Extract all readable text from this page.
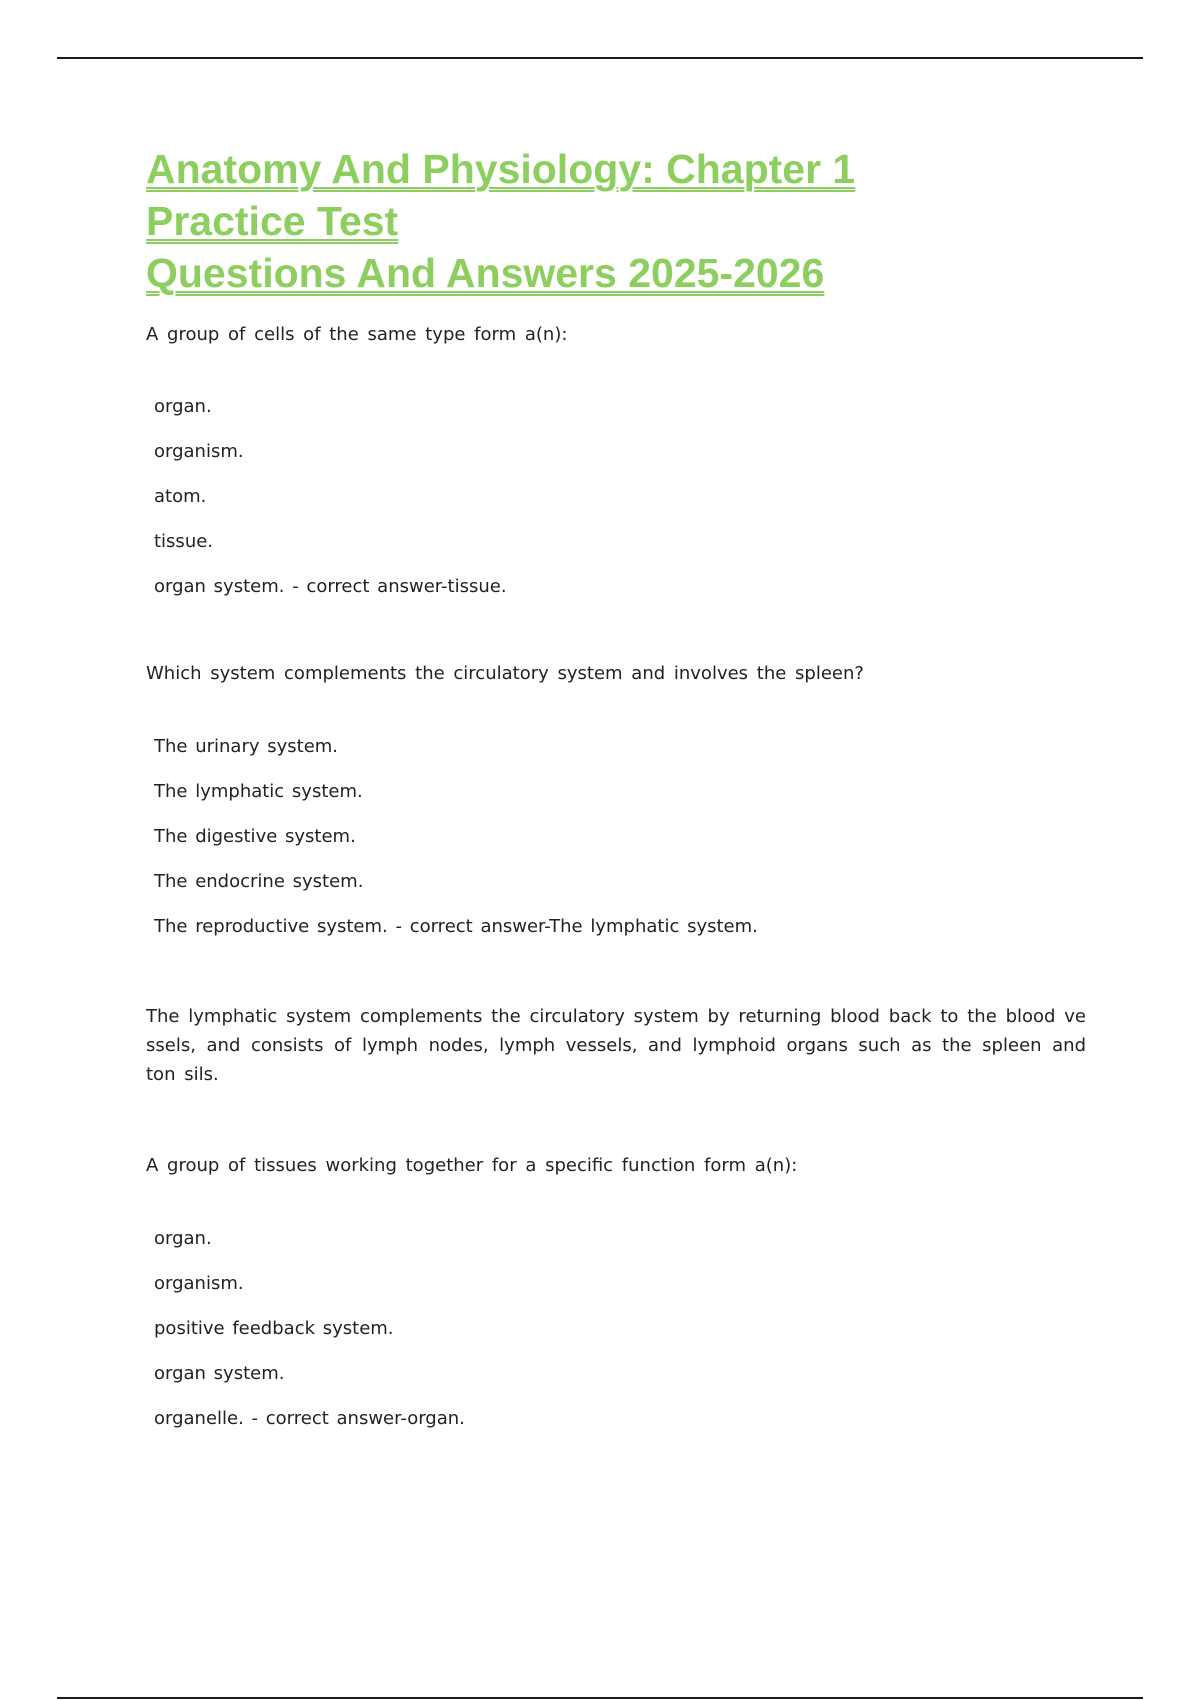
Anatomy And Physiology: Chapter 1
Practice Test
Questions And Answers 2025-2026

A group of cells of the same type form a(n):

organ.
organism.
atom.
tissue.
organ system. - correct answer-tissue.

Which system complements the circulatory system and involves the spleen?

The urinary system.
The lymphatic system.
The digestive system.
The endocrine system.
The reproductive system. - correct answer-The lymphatic system.

The lymphatic system complements the circulatory system by returning blood back to the blood ve ssels, and consists of lymph nodes, lymph vessels, and lymphoid organs such as the spleen and ton sils.

A group of tissues working together for a specific function form a(n):

organ.
organism.
positive feedback system.
organ system.
organelle. - correct answer-organ.
